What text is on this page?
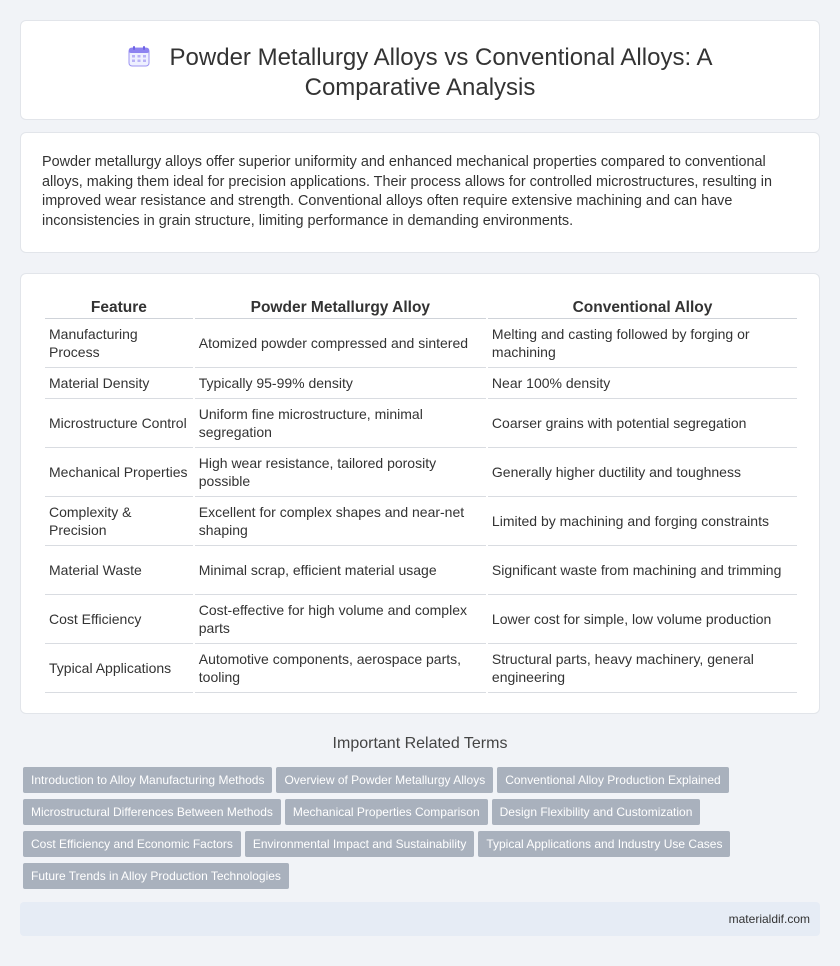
Powder Metallurgy Alloys vs Conventional Alloys: A Comparative Analysis

Powder metallurgy alloys offer superior uniformity and enhanced mechanical properties compared to conventional alloys, making them ideal for precision applications. Their process allows for controlled microstructures, resulting in improved wear resistance and strength. Conventional alloys often require extensive machining and can have inconsistencies in grain structure, limiting performance in demanding environments.

Feature	Powder Metallurgy Alloy	Conventional Alloy
Manufacturing Process	Atomized powder compressed and sintered	Melting and casting followed by forging or machining
Material Density	Typically 95-99% density	Near 100% density
Microstructure Control	Uniform fine microstructure, minimal segregation	Coarser grains with potential segregation
Mechanical Properties	High wear resistance, tailored porosity possible	Generally higher ductility and toughness
Complexity & Precision	Excellent for complex shapes and near-net shaping	Limited by machining and forging constraints
Material Waste	Minimal scrap, efficient material usage	Significant waste from machining and trimming
Cost Efficiency	Cost-effective for high volume and complex parts	Lower cost for simple, low volume production
Typical Applications	Automotive components, aerospace parts, tooling	Structural parts, heavy machinery, general engineering
Important Related Terms
Introduction to Alloy Manufacturing Methods Overview of Powder Metallurgy Alloys Conventional Alloy Production Explained
Microstructural Differences Between Methods Mechanical Properties Comparison Design Flexibility and Customization
Cost Efficiency and Economic Factors Environmental Impact and Sustainability Typical Applications and Industry Use Cases
Future Trends in Alloy Production Technologies
materialdif.com
